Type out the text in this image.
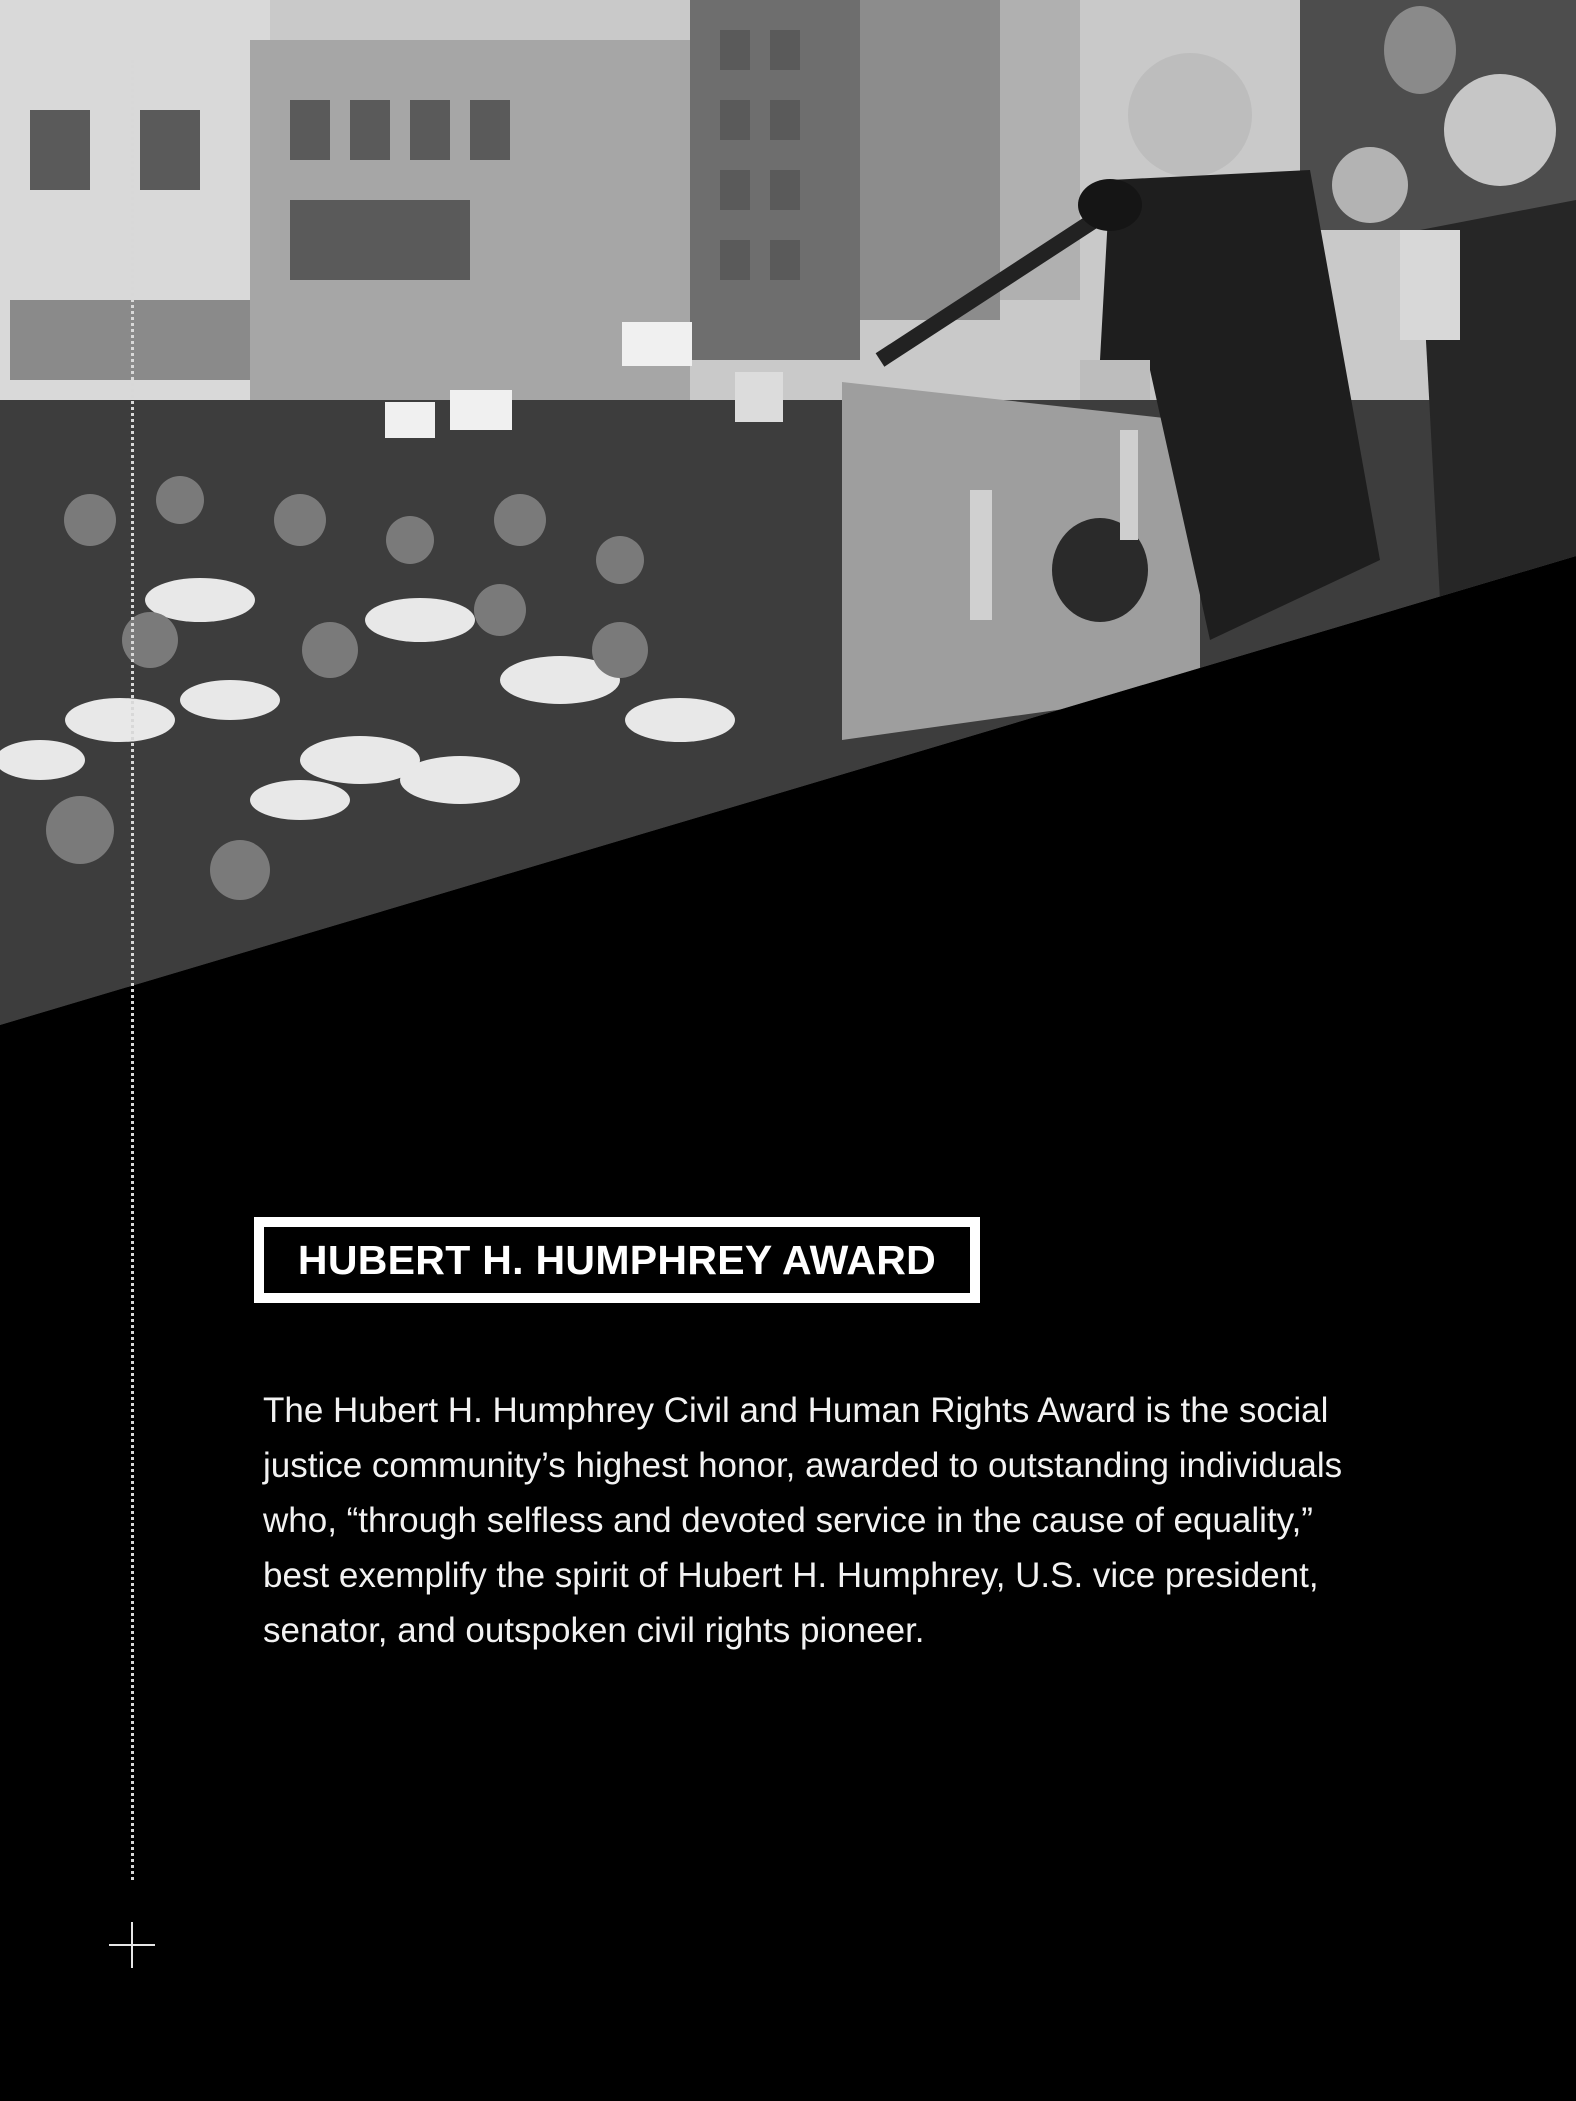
HUBERT H. HUMPHREY AWARD

The Hubert H. Humphrey Civil and Human Rights Award is the social justice community’s highest honor, awarded to outstanding individuals who, “through selfless and devoted service in the cause of equality,” best exemplify the spirit of Hubert H. Humphrey, U.S. vice president, senator, and outspoken civil rights pioneer.
